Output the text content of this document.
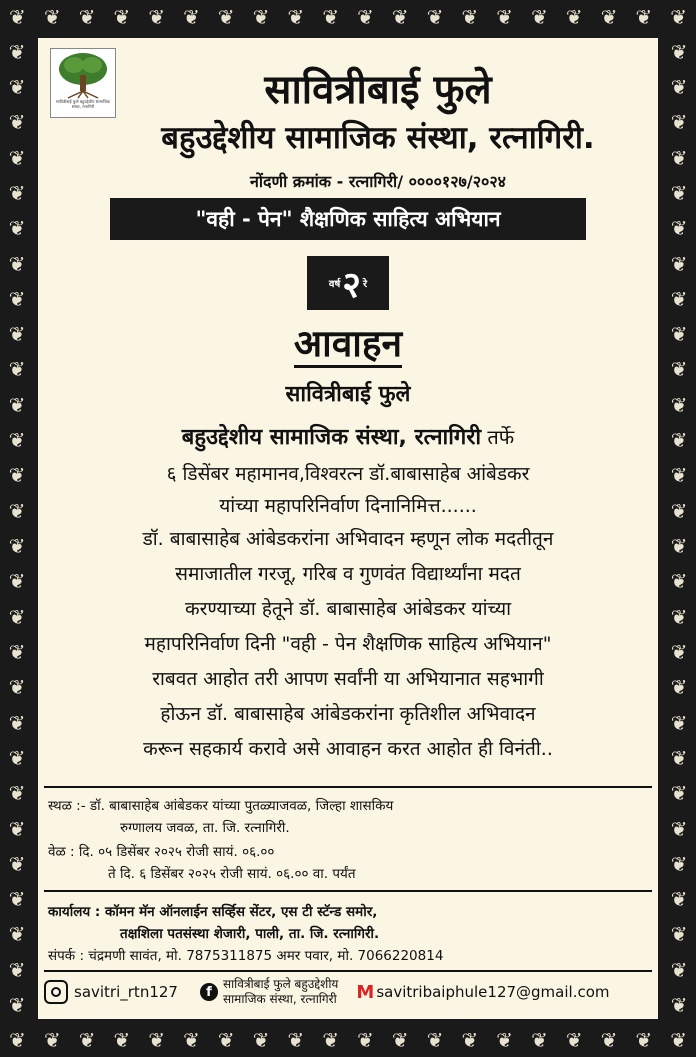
❦ ❦ ❦ ❦ ❦ ❦ ❦ ❦ ❦ ❦ ❦ ❦ ❦ ❦ ❦ ❦ ❦ ❦ ❦ ❦
❦ ❦ ❦ ❦ ❦ ❦ ❦ ❦ ❦ ❦ ❦ ❦ ❦ ❦ ❦ ❦ ❦ ❦ ❦ ❦
❦
❦
❦
❦
❦
❦
❦
❦
❦
❦
❦
❦
❦
❦
❦
❦
❦
❦
❦
❦
❦
❦
❦
❦
❦
❦
❦
❦
❦
❦
❦
❦
❦
❦
❦
❦
❦
❦
❦
❦
❦
❦
❦
❦
❦
❦
❦
❦
❦
❦
❦
❦
❦
❦
❦
❦
सावित्रीबाई फुले बहुउद्देशीय सामाजिक संस्था, रत्नागिरी	सावित्रीबाई फुले
बहुउद्देशीय सामाजिक संस्था, रत्नागिरी.
नोंदणी क्रमांक - रत्नागिरी/ ००००१२७/२०२४
"वही - पेन" शैक्षणिक साहित्य अभियान
वर्ष २ रे
आवाहन
सावित्रीबाई फुले
बहुउद्देशीय सामाजिक संस्था, रत्नागिरी तर्फे
६ डिसेंबर महामानव,विश्वरत्न डॉ.बाबासाहेब आंबेडकर
यांच्या महापरिनिर्वाण दिनानिमित्त......
डॉ. बाबासाहेब आंबेडकरांना अभिवादन म्हणून लोक मदतीतून
समाजातील गरजू, गरिब व गुणवंत विद्यार्थ्यांना मदत
करण्याच्या हेतूने डॉ. बाबासाहेब आंबेडकर यांच्या
महापरिनिर्वाण दिनी "वही - पेन शैक्षणिक साहित्य अभियान"
राबवत आहोत तरी आपण सर्वांनी या अभियानात सहभागी
होऊन डॉ. बाबासाहेब आंबेडकरांना कृतिशील अभिवादन
करून सहकार्य करावे असे आवाहन करत आहोत ही विनंती..
स्थळ :- डॉ. बाबासाहेब आंबेडकर यांच्या पुतळ्याजवळ, जिल्हा शासकिय
रुग्णालय जवळ, ता. जि. रत्नागिरी.
वेळ : दि. ०५ डिसेंबर २०२५ रोजी सायं. ०६.००
ते दि. ६ डिसेंबर २०२५ रोजी सायं. ०६.०० वा. पर्यंत
कार्यालय : कॉमन मॅन ऑनलाईन सर्व्हिस सेंटर, एस टी स्टॅन्ड समोर,
तक्षशिला पतसंस्था शेजारी, पाली, ता. जि. रत्नागिरी.
संपर्क : चंद्रमणी सावंत, मो. 7875311875 अमर पवार, मो. 7066220814
savitri_rtn127	f
सावित्रीबाई फुले बहुउद्देशीय
सामाजिक संस्था, रत्नागिरी M savitribaiphule127@gmail.com
